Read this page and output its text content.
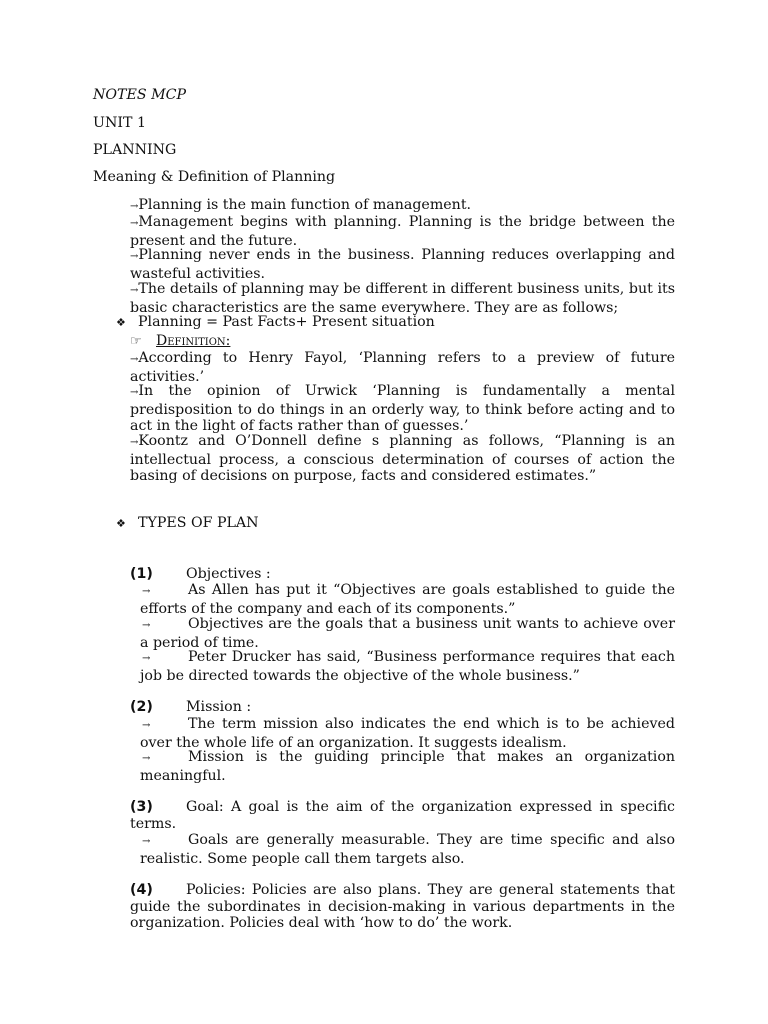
NOTES MCP

UNIT 1

PLANNING

Meaning & Definition of Planning

→Planning is the main function of management.

→Management begins with planning. Planning is the bridge between the present and the future.

→Planning never ends in the business. Planning reduces overlapping and wasteful activities.

→The details of planning may be different in different business units, but its basic characteristics are the same everywhere. They are as follows;

❖ Planning = Past Facts+ Present situation

☞ Definition:

→According to Henry Fayol, ‘Planning refers to a preview of future activities.’

→In the opinion of Urwick ‘Planning is fundamentally a mental predisposition to do things in an orderly way, to think before acting and to act in the light of facts rather than of guesses.’

→Koontz and O’Donnell define s planning as follows, “Planning is an intellectual process, a conscious determination of courses of action the basing of decisions on purpose, facts and considered estimates.”

❖ TYPES OF PLAN

(1) Objectives :

→	As Allen has put it “Objectives are goals established to guide the efforts of the company and each of its components.”

→	Objectives are the goals that a business unit wants to achieve over a period of time.

→	Peter Drucker has said, “Business performance requires that each job be directed towards the objective of the whole business.”

(2) Mission :

→	The term mission also indicates the end which is to be achieved over the whole life of an organization. It suggests idealism.

→	Mission is the guiding principle that makes an organization meaningful.

(3) Goal: A goal is the aim of the organization expressed in specific terms.

→	Goals are generally measurable. They are time specific and also realistic. Some people call them targets also.

(4) Policies: Policies are also plans. They are general statements that guide the subordinates in decision-making in various departments in the organization. Policies deal with ‘how to do’ the work.
